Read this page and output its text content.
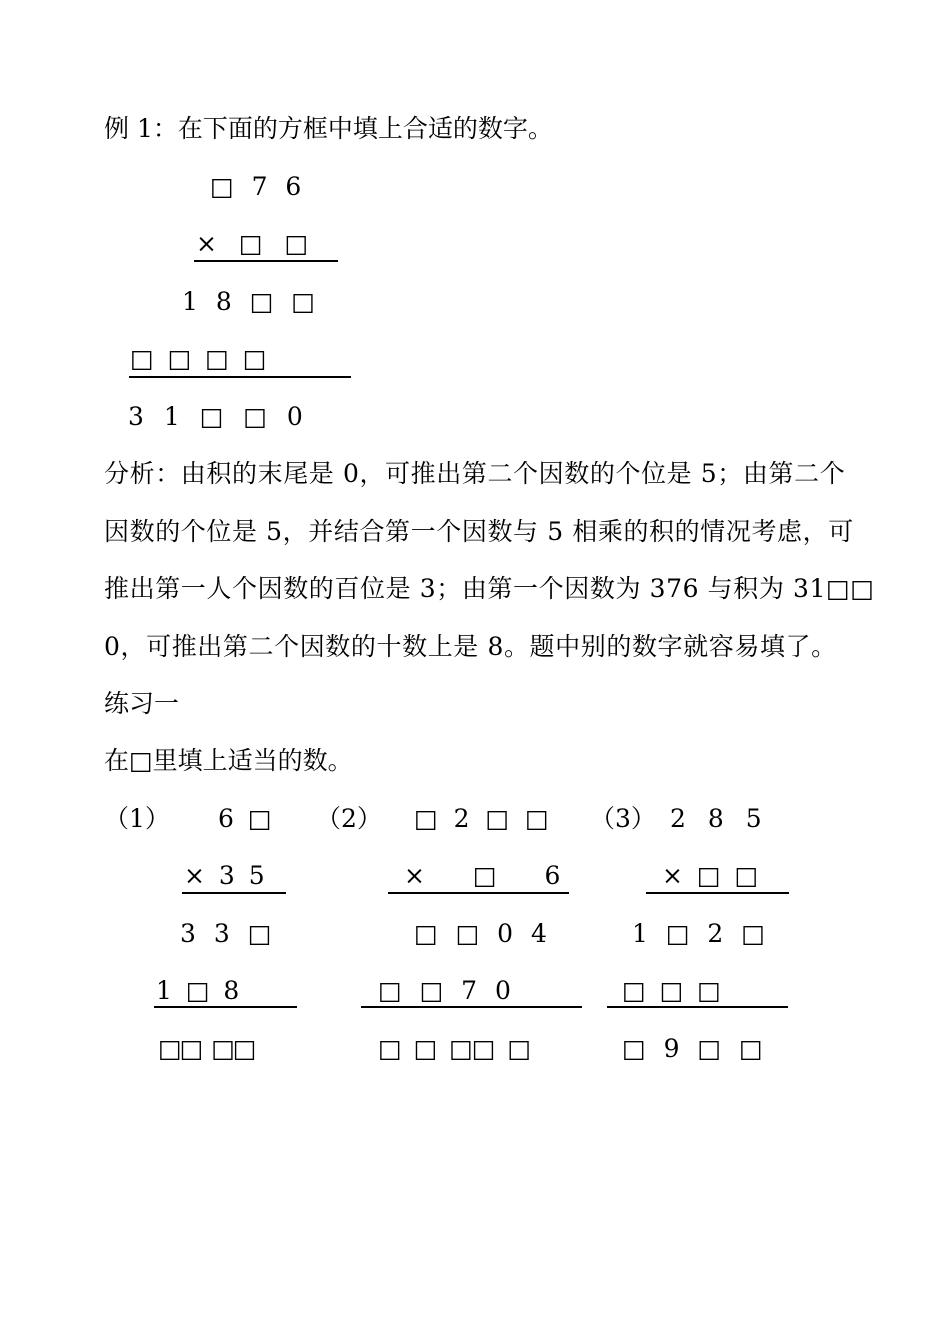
例 1：在下面的方框中填上合适的数字。
□ 7 6
× □ □
1 8 □ □
□ □ □ □
3 1 □ □ 0
分析：由积的末尾是 0，可推出第二个因数的个位是 5；由第二个
因数的个位是 5，并结合第一个因数与 5 相乘的积的情况考虑，可
推出第一人个因数的百位是 3；由第一个因数为 376 与积为 31□□
0，可推出第二个因数的十数上是 8。题中别的数字就容易填了。
练习一
在□里填上适当的数。
（1） 6 □
× 3 5
3 3 □
1 □ 8
□□ □□
（2） □ 2 □ □
× □ 6
□ □ 0 4
□ □ 7 0
□ □ □□ □
（3） 2 8 5
× □ □
1 □ 2 □
□ □ □
□ 9 □ □
